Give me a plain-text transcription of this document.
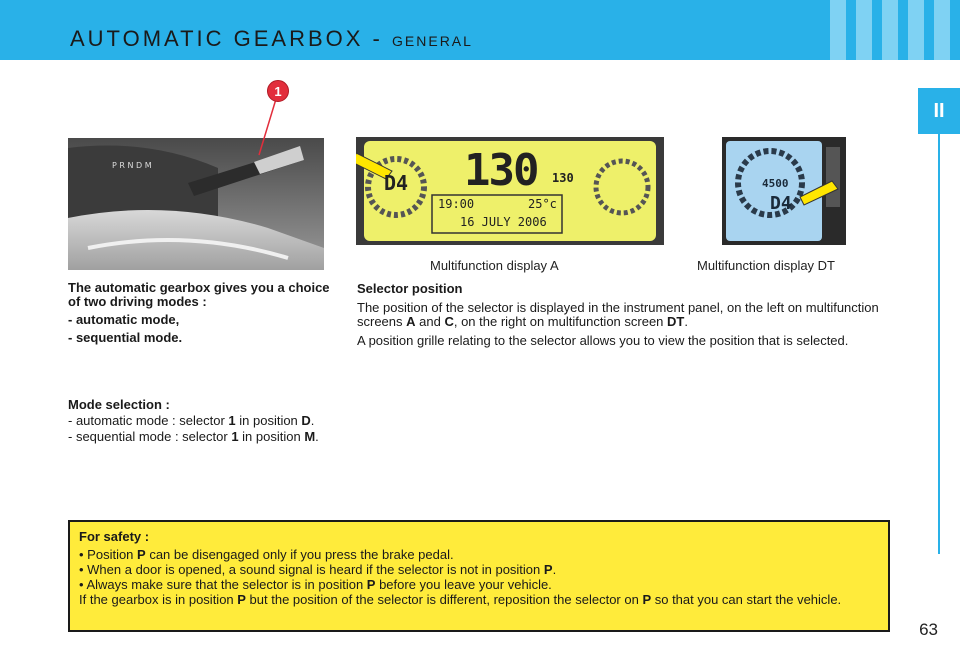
AUTOMATIC GEARBOX - GENERAL
II
P R N D M
1
D4 130 130
19:00	25°c
16 JULY 2006
4500
D4
Multifunction display A	Multifunction display DT

The automatic gearbox gives you a choice of two driving modes :

- automatic mode,

- sequential mode.

Selector position

The position of the selector is displayed in the instrument panel, on the left on multifunction screens A and C, on the right on multifunction screen DT.

A position grille relating to the selector allows you to view the position that is selected.

Mode selection :

- automatic mode : selector 1 in position D.

- sequential mode : selector 1 in position M.

For safety :

• Position P can be disengaged only if you press the brake pedal.

• When a door is opened, a sound signal is heard if the selector is not in position P.

• Always make sure that the selector is in position P before you leave your vehicle.

If the gearbox is in position P but the position of the selector is different, reposition the selector on P so that you can start the vehicle.

63
